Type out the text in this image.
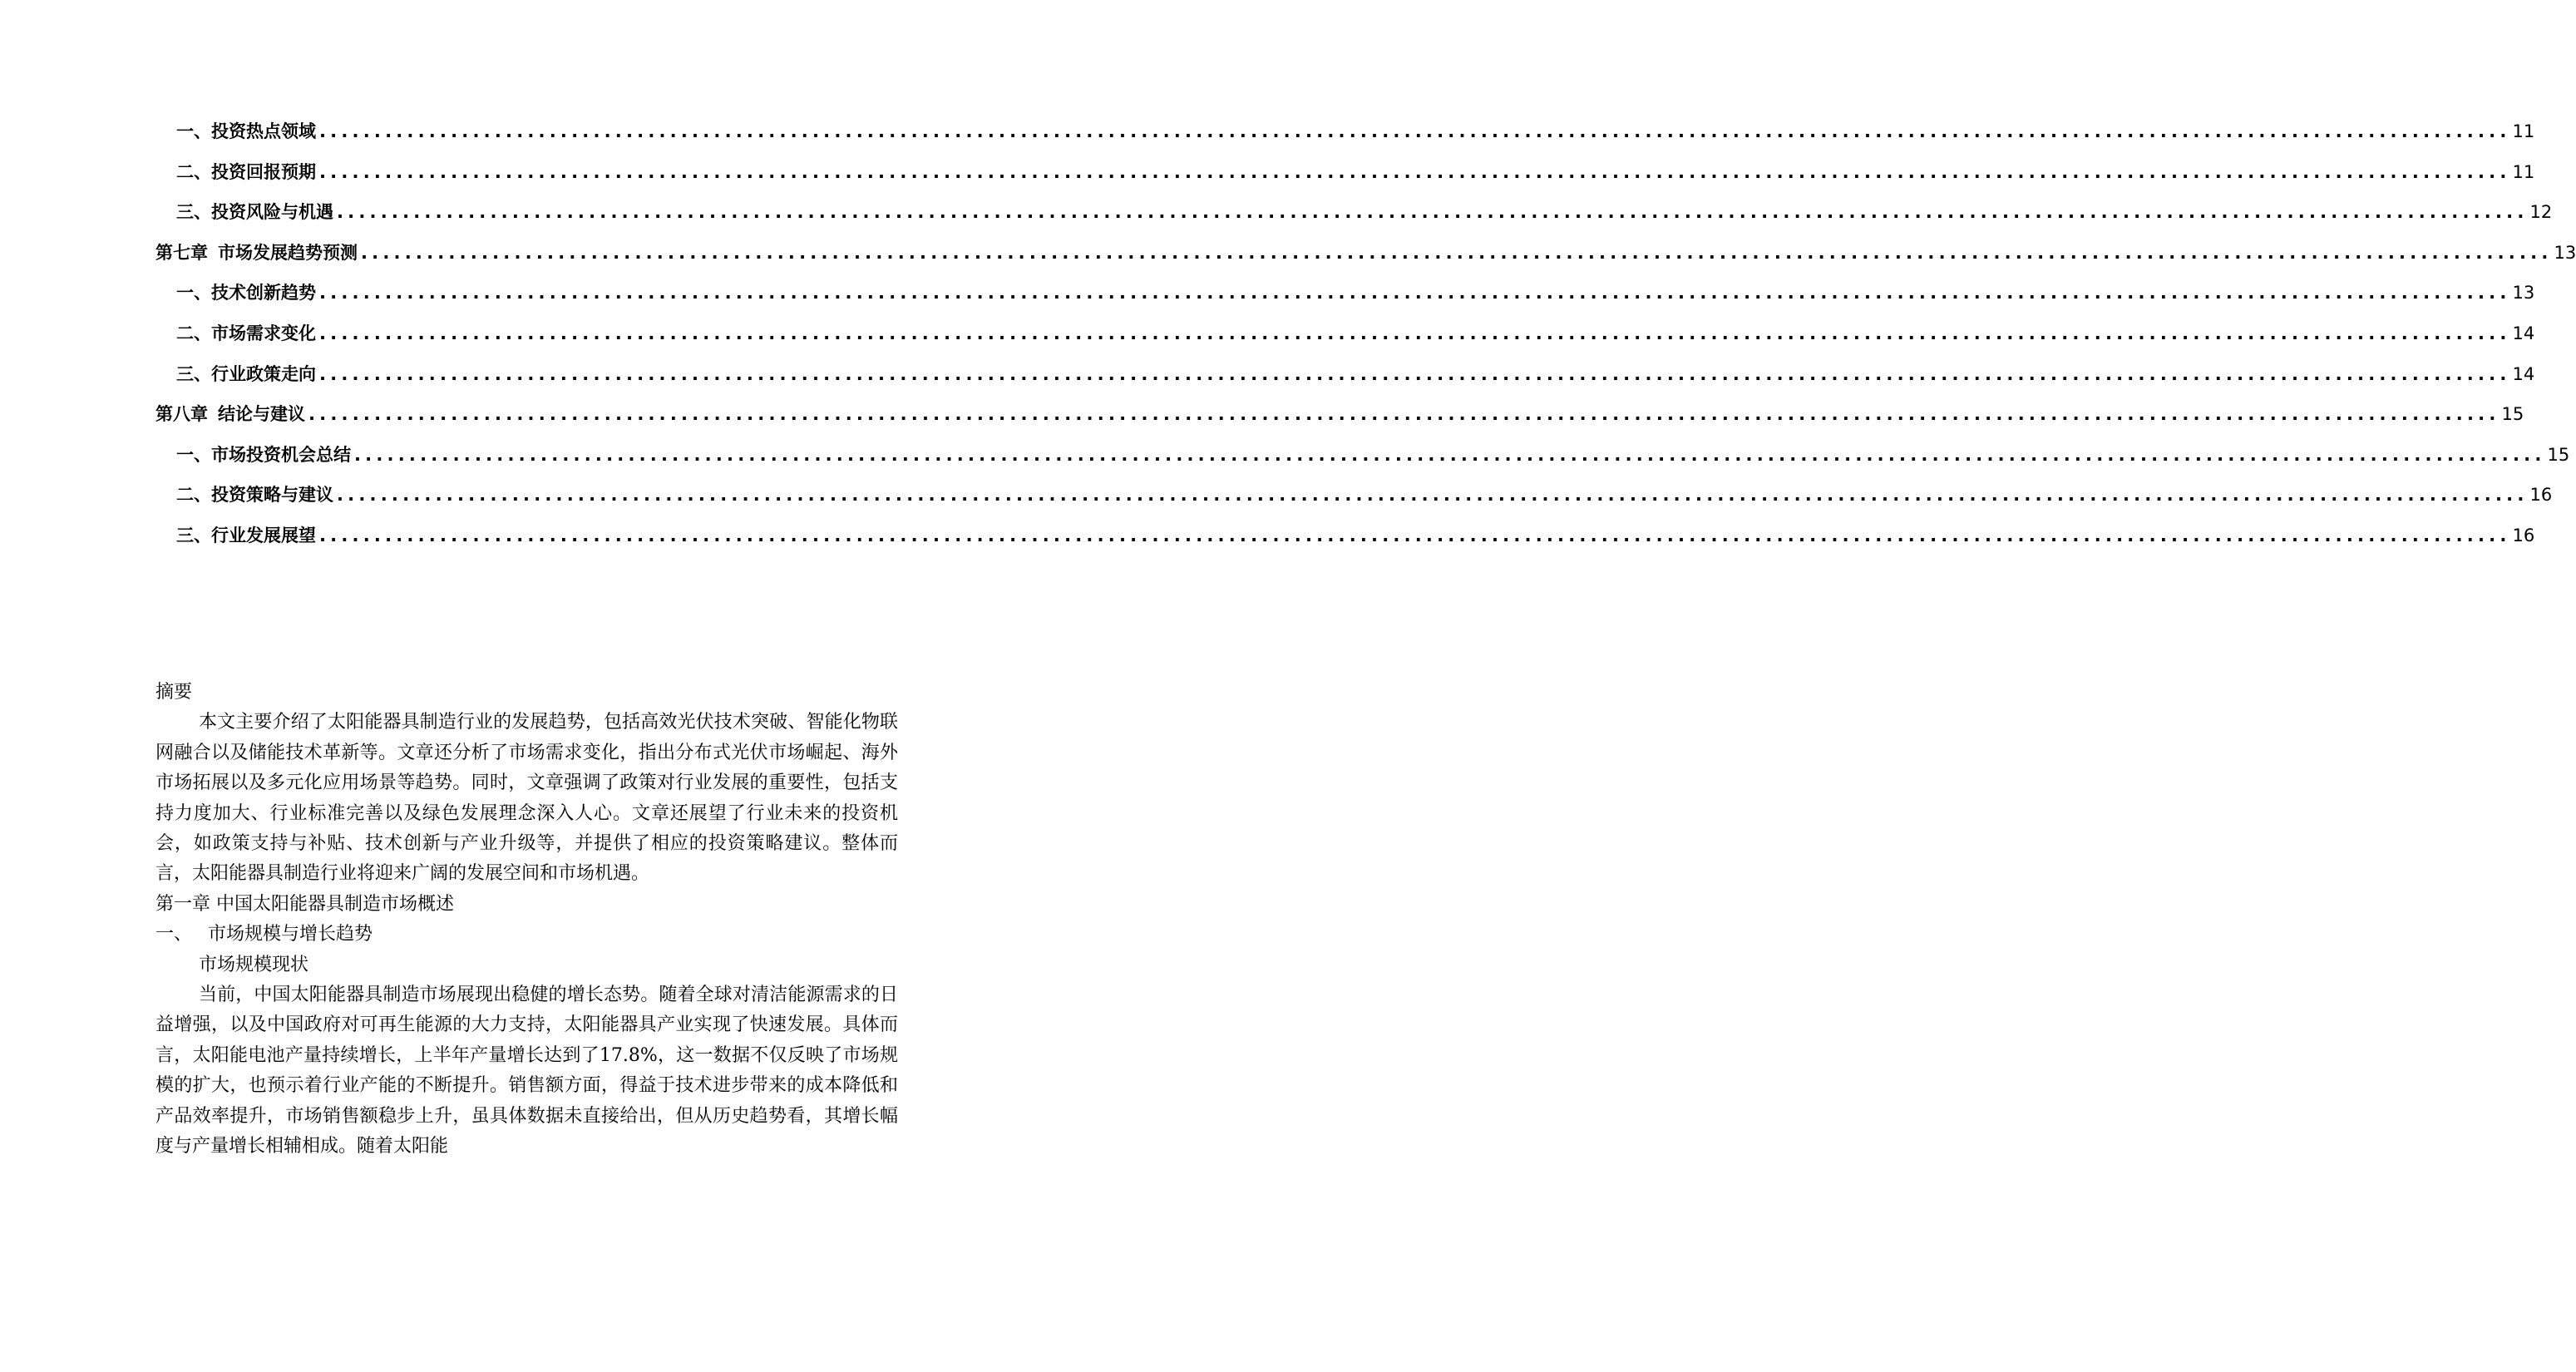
一、 投资热点领域 ........................................................................................................................................................................................................ 11
二、 投资回报预期 ........................................................................................................................................................................................................ 11
三、 投资风险与机遇 ........................................................................................................................................................................................................ 12
第七章 市场发展趋势预测 ........................................................................................................................................................................................................ 13
一、 技术创新趋势 ........................................................................................................................................................................................................ 13
二、 市场需求变化 ........................................................................................................................................................................................................ 14
三、 行业政策走向 ........................................................................................................................................................................................................ 14
第八章 结论与建议 ........................................................................................................................................................................................................ 15
一、 市场投资机会总结 ........................................................................................................................................................................................................ 15
二、 投资策略与建议 ........................................................................................................................................................................................................ 16
三、 行业发展展望 ........................................................................................................................................................................................................ 16

摘要

本文主要介绍了太阳能器具制造行业的发展趋势，包括高效光伏技术突破、智能化物联网融合以及储能技术革新等。文章还分析了市场需求变化，指出分布式光伏市场崛起、海外市场拓展以及多元化应用场景等趋势。同时，文章强调了政策对行业发展的重要性，包括支持力度加大、行业标准完善以及绿色发展理念深入人心。文章还展望了行业未来的投资机会，如政策支持与补贴、技术创新与产业升级等，并提供了相应的投资策略建议。整体而言，太阳能器具制造行业将迎来广阔的发展空间和市场机遇。

第一章 中国太阳能器具制造市场概述

一、 市场规模与增长趋势

市场规模现状

当前，中国太阳能器具制造市场展现出稳健的增长态势。随着全球对清洁能源需求的日益增强，以及中国政府对可再生能源的大力支持，太阳能器具产业实现了快速发展。具体而言，太阳能电池产量持续增长，上半年产量增长达到了17.8%，这一数据不仅反映了市场规模的扩大，也预示着行业产能的不断提升。销售额方面，得益于技术进步带来的成本降低和产品效率提升，市场销售额稳步上升，虽具体数据未直接给出，但从历史趋势看，其增长幅度与产量增长相辅相成。随着太阳能
